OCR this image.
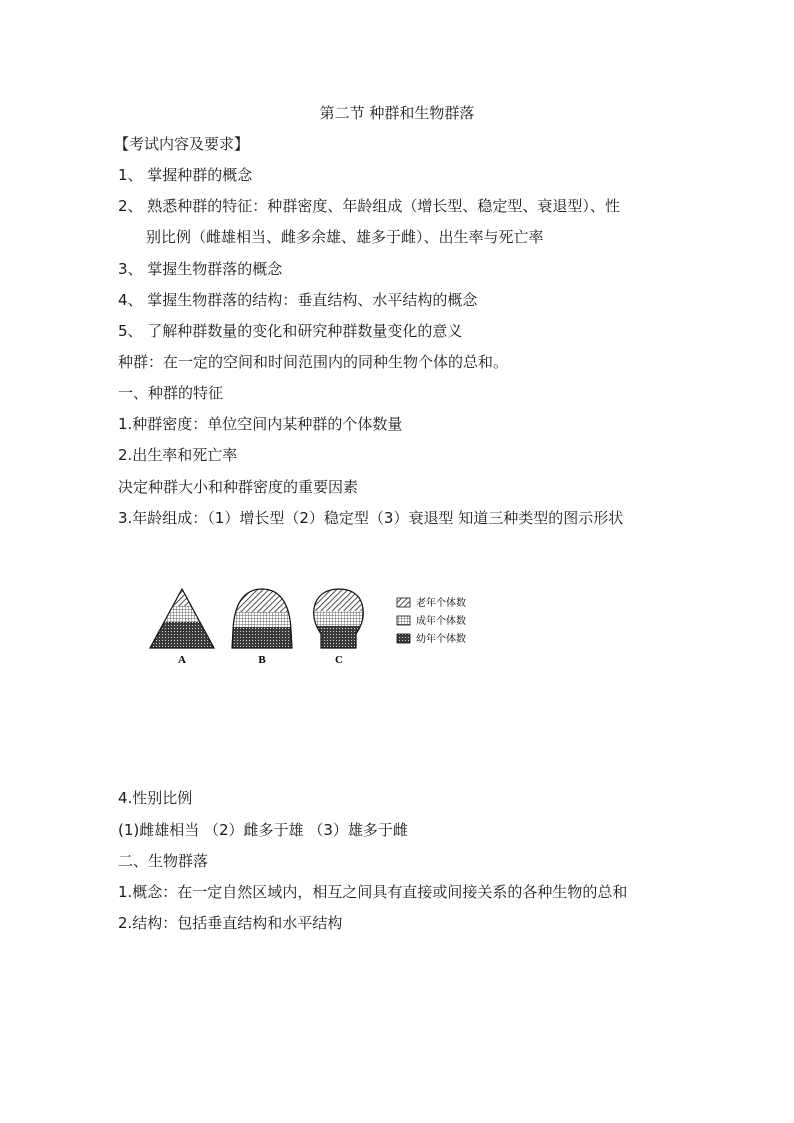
第二节 种群和生物群落
【考试内容及要求】
1、 掌握种群的概念
2、 熟悉种群的特征：种群密度、年龄组成（增长型、稳定型、衰退型）、性
别比例（雌雄相当、雌多余雄、雄多于雌）、出生率与死亡率
3、 掌握生物群落的概念
4、 掌握生物群落的结构：垂直结构、水平结构的概念
5、 了解种群数量的变化和研究种群数量变化的意义
种群：在一定的空间和时间范围内的同种生物个体的总和。
一、种群的特征
1.种群密度：单位空间内某种群的个体数量
2.出生率和死亡率
决定种群大小和种群密度的重要因素
3.年龄组成：（1）增长型（2）稳定型（3）衰退型 知道三种类型的图示形状
A	B	C
老年个体数
成年个体数
幼年个体数
4.性别比例
(1)雌雄相当 （2）雌多于雄 （3）雄多于雌
二、生物群落
1.概念：在一定自然区域内，相互之间具有直接或间接关系的各种生物的总和
2.结构：包括垂直结构和水平结构
